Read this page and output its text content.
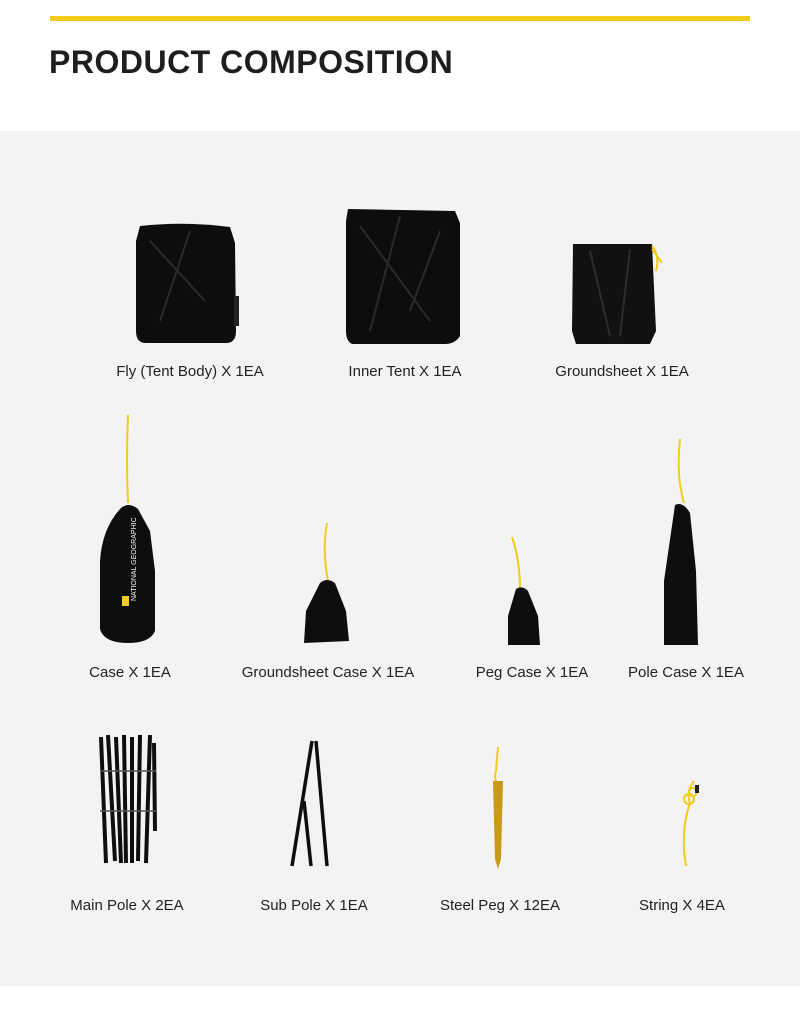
PRODUCT COMPOSITION
Fly (Tent Body) X 1EA	Inner Tent X 1EA	Groundsheet X 1EA
NATIONAL GEOGRAPHIC
Case X 1EA	Groundsheet Case X 1EA	Peg Case X 1EA	Pole Case X 1EA
Main Pole X 2EA	Sub Pole X 1EA	Steel Peg X 12EA	String X 4EA
